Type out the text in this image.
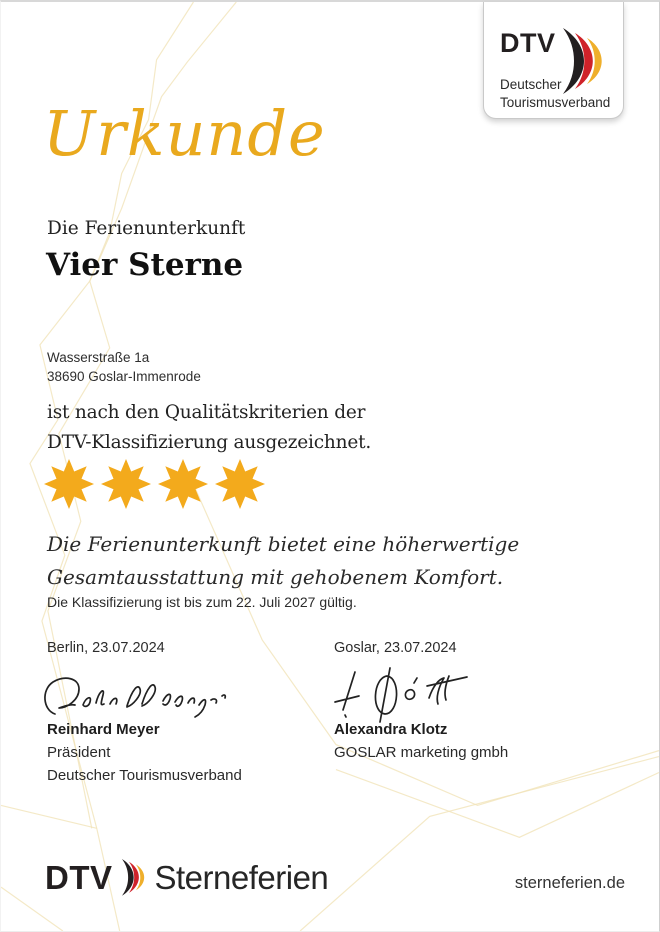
DTV
Deutscher
Tourismusverband
Urkunde
Die Ferienunterkunft
Vier Sterne
Wasserstraße 1a
38690 Goslar-Immenrode
ist nach den Qualitätskriterien der
DTV-Klassifizierung ausgezeichnet.
Die Ferienunterkunft bietet eine höherwertige
Gesamtausstattung mit gehobenem Komfort.
Die Klassifizierung ist bis zum 22. Juli 2027 gültig.
Berlin, 23.07.2024	Goslar, 23.07.2024
Reinhard Meyer
Präsident
Deutscher Tourismusverband
Alexandra Klotz
GOSLAR marketing gmbh
DTV Sterneferien	sterneferien.de
